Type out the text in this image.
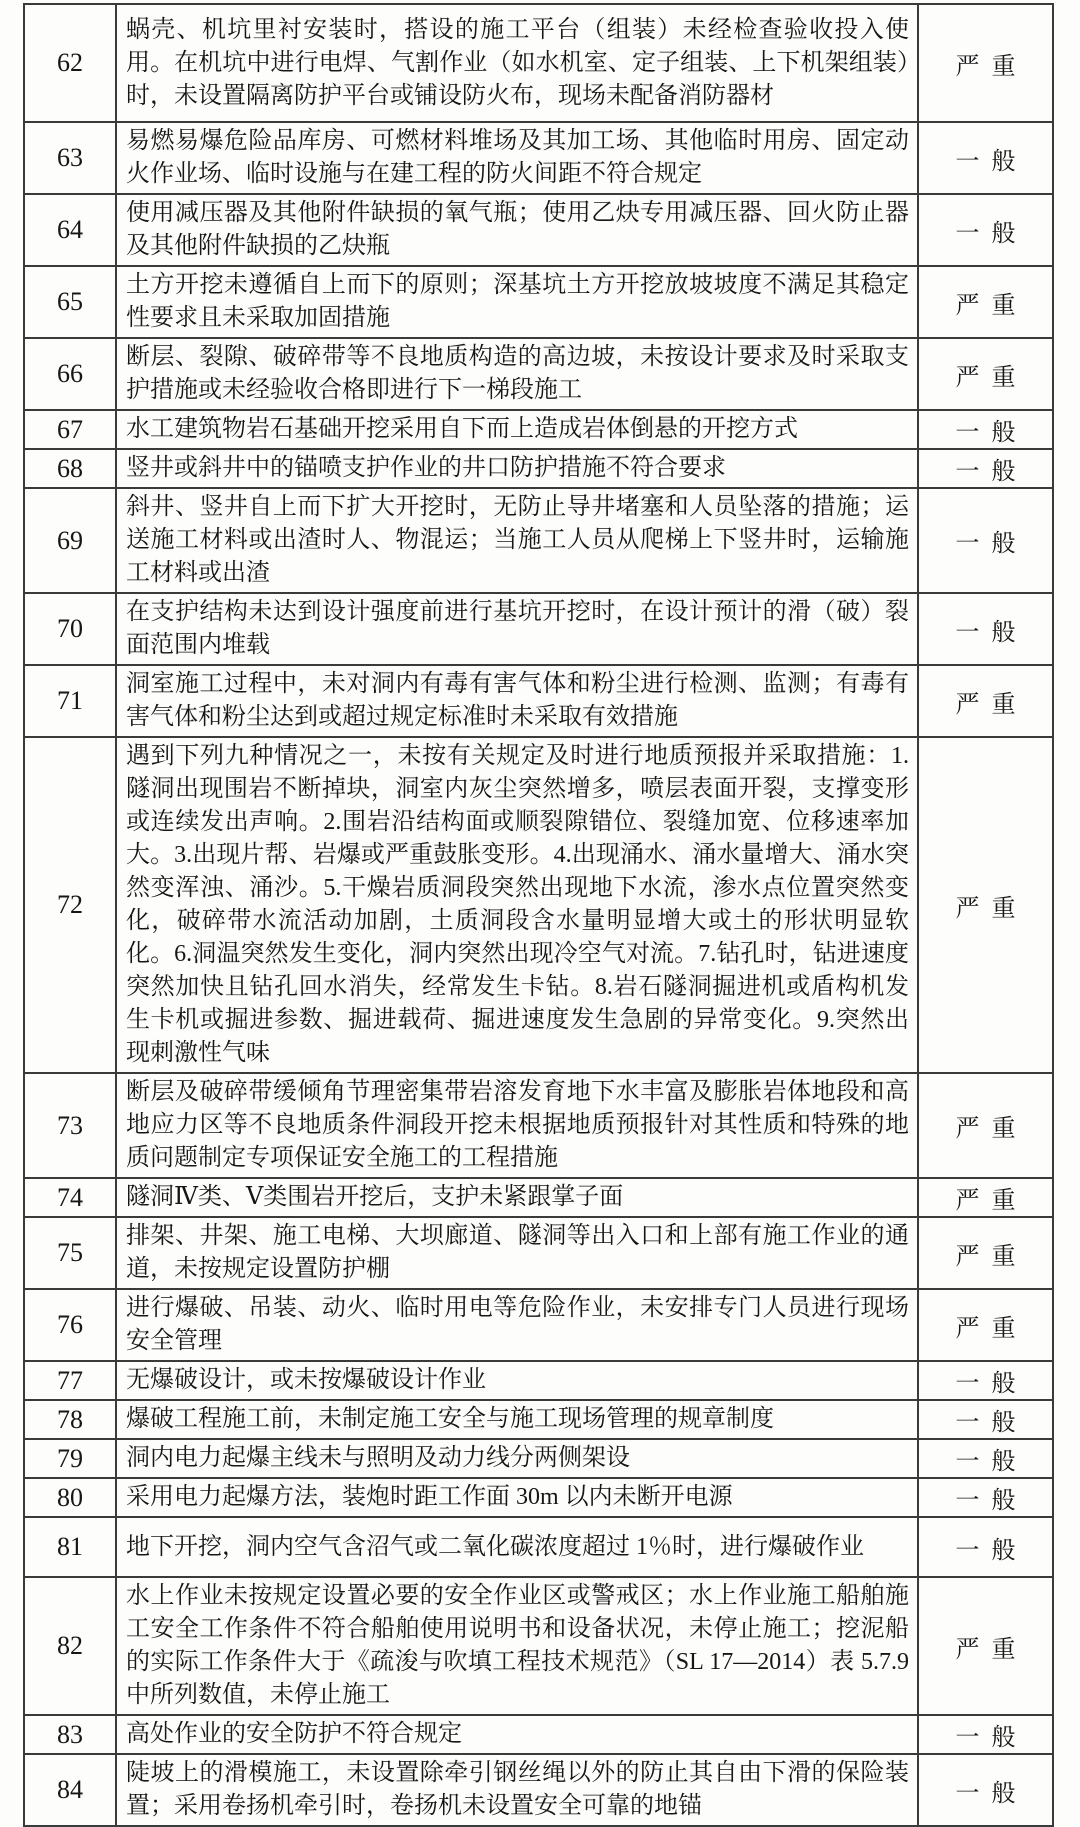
62	蜗壳、机坑里衬安装时，搭设的施工平台（组装）未经检查验收投入使用。在机坑中进行电焊、气割作业（如水机室、定子组装、上下机架组装）时，未设置隔离防护平台或铺设防火布，现场未配备消防器材	严重
63	易燃易爆危险品库房、可燃材料堆场及其加工场、其他临时用房、固定动火作业场、临时设施与在建工程的防火间距不符合规定	一般
64	使用减压器及其他附件缺损的氧气瓶；使用乙炔专用减压器、回火防止器及其他附件缺损的乙炔瓶	一般
65	土方开挖未遵循自上而下的原则；深基坑土方开挖放坡坡度不满足其稳定性要求且未采取加固措施	严重
66	断层、裂隙、破碎带等不良地质构造的高边坡，未按设计要求及时采取支护措施或未经验收合格即进行下一梯段施工	严重
67	水工建筑物岩石基础开挖采用自下而上造成岩体倒悬的开挖方式	一般
68	竖井或斜井中的锚喷支护作业的井口防护措施不符合要求	一般
69	斜井、竖井自上而下扩大开挖时，无防止导井堵塞和人员坠落的措施；运送施工材料或出渣时人、物混运；当施工人员从爬梯上下竖井时，运输施工材料或出渣	一般
70	在支护结构未达到设计强度前进行基坑开挖时，在设计预计的滑（破）裂面范围内堆载	一般
71	洞室施工过程中，未对洞内有毒有害气体和粉尘进行检测、监测；有毒有害气体和粉尘达到或超过规定标准时未采取有效措施	严重
72	遇到下列九种情况之一，未按有关规定及时进行地质预报并采取措施：1.隧洞出现围岩不断掉块，洞室内灰尘突然增多，喷层表面开裂，支撑变形或连续发出声响。2.围岩沿结构面或顺裂隙错位、裂缝加宽、位移速率加大。3.出现片帮、岩爆或严重鼓胀变形。4.出现涌水、涌水量增大、涌水突然变浑浊、涌沙。5.干燥岩质洞段突然出现地下水流，渗水点位置突然变化，破碎带水流活动加剧，土质洞段含水量明显增大或土的形状明显软化。6.洞温突然发生变化，洞内突然出现冷空气对流。7.钻孔时，钻进速度突然加快且钻孔回水消失，经常发生卡钻。8.岩石隧洞掘进机或盾构机发生卡机或掘进参数、掘进载荷、掘进速度发生急剧的异常变化。9.突然出现刺激性气味	严重
73	断层及破碎带缓倾角节理密集带岩溶发育地下水丰富及膨胀岩体地段和高地应力区等不良地质条件洞段开挖未根据地质预报针对其性质和特殊的地质问题制定专项保证安全施工的工程措施	严重
74	隧洞Ⅳ类、Ⅴ类围岩开挖后，支护未紧跟掌子面	严重
75	排架、井架、施工电梯、大坝廊道、隧洞等出入口和上部有施工作业的通道，未按规定设置防护棚	严重
76	进行爆破、吊装、动火、临时用电等危险作业，未安排专门人员进行现场安全管理	严重
77	无爆破设计，或未按爆破设计作业	一般
78	爆破工程施工前，未制定施工安全与施工现场管理的规章制度	一般
79	洞内电力起爆主线未与照明及动力线分两侧架设	一般
80	采用电力起爆方法，装炮时距工作面 30m 以内未断开电源	一般
81	地下开挖，洞内空气含沼气或二氧化碳浓度超过 1％时，进行爆破作业	一般
82	水上作业未按规定设置必要的安全作业区或警戒区；水上作业施工船舶施工安全工作条件不符合船舶使用说明书和设备状况，未停止施工；挖泥船的实际工作条件大于《疏浚与吹填工程技术规范》（SL 17—2014）表 5.7.9 中所列数值，未停止施工	严重
83	高处作业的安全防护不符合规定	一般
84	陡坡上的滑模施工，未设置除牵引钢丝绳以外的防止其自由下滑的保险装置；采用卷扬机牵引时，卷扬机未设置安全可靠的地锚	一般
